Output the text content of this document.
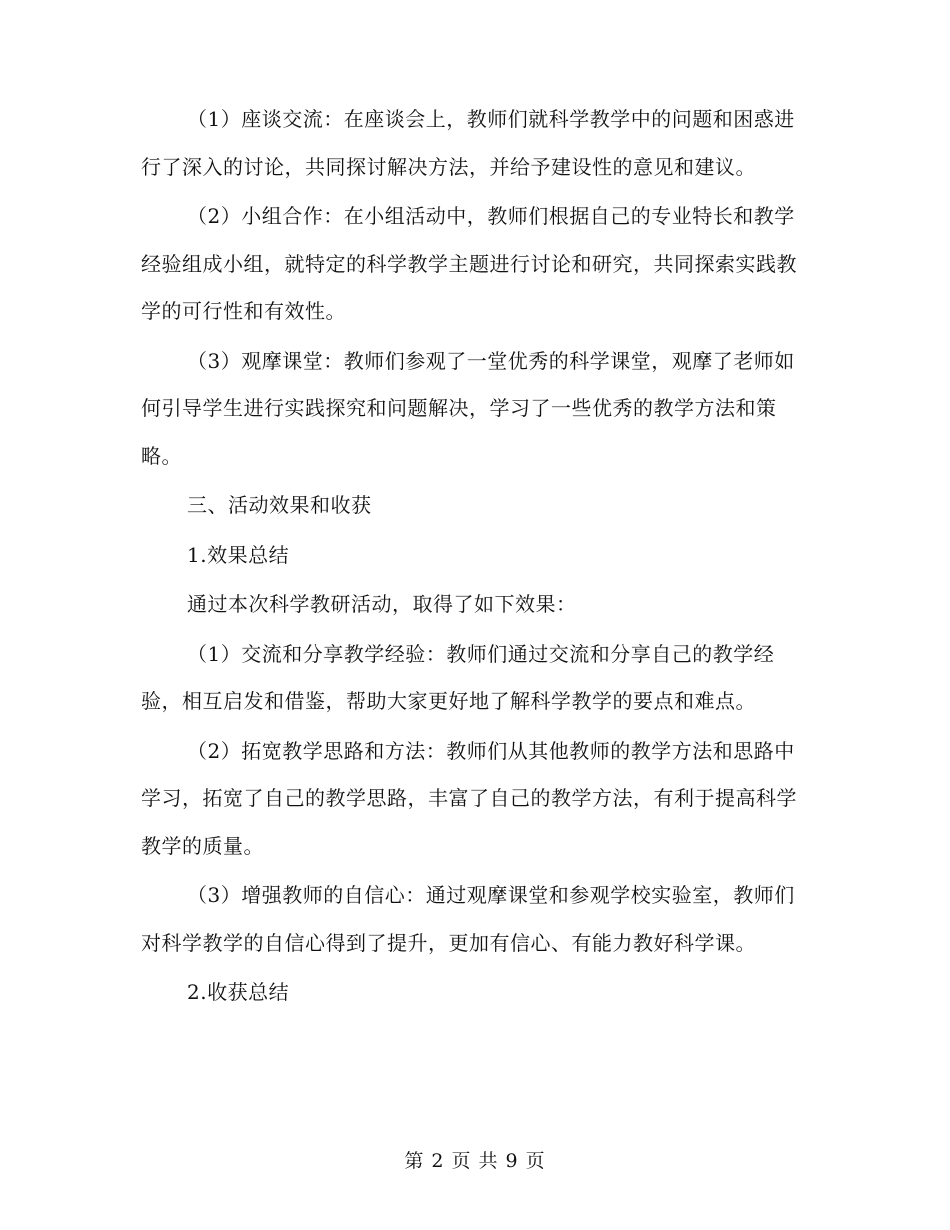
（1）座谈交流：在座谈会上，教师们就科学教学中的问题和困惑进行了深入的讨论，共同探讨解决方法，并给予建设性的意见和建议。

（2）小组合作：在小组活动中，教师们根据自己的专业特长和教学经验组成小组，就特定的科学教学主题进行讨论和研究，共同探索实践教学的可行性和有效性。

（3）观摩课堂：教师们参观了一堂优秀的科学课堂，观摩了老师如何引导学生进行实践探究和问题解决，学习了一些优秀的教学方法和策略。

三、活动效果和收获

1.效果总结

通过本次科学教研活动，取得了如下效果：

（1）交流和分享教学经验：教师们通过交流和分享自己的教学经验，相互启发和借鉴，帮助大家更好地了解科学教学的要点和难点。

（2）拓宽教学思路和方法：教师们从其他教师的教学方法和思路中学习，拓宽了自己的教学思路，丰富了自己的教学方法，有利于提高科学教学的质量。

（3）增强教师的自信心：通过观摩课堂和参观学校实验室，教师们对科学教学的自信心得到了提升，更加有信心、有能力教好科学课。

2.收获总结

第 2 页 共 9 页
